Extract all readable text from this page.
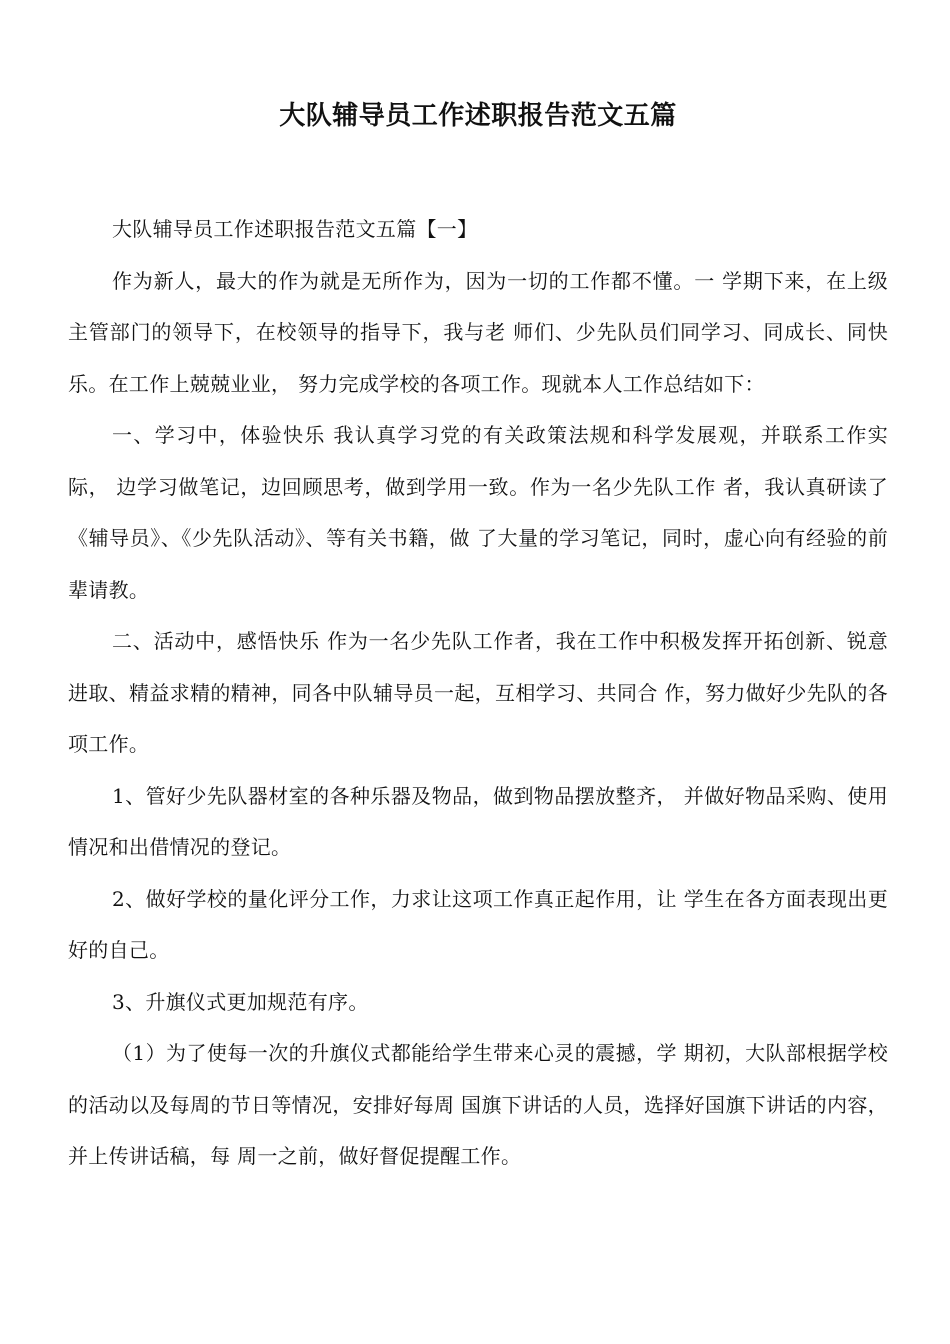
大队辅导员工作述职报告范文五篇

大队辅导员工作述职报告范文五篇【一】

作为新人，最大的作为就是无所作为，因为一切的工作都不懂。一 学期下来，在上级主管部门的领导下，在校领导的指导下，我与老 师们、少先队员们同学习、同成长、同快乐。在工作上兢兢业业， 努力完成学校的各项工作。现就本人工作总结如下：

一、学习中，体验快乐 我认真学习党的有关政策法规和科学发展观，并联系工作实际， 边学习做笔记，边回顾思考，做到学用一致。作为一名少先队工作 者，我认真研读了《辅导员》、《少先队活动》、等有关书籍，做 了大量的学习笔记，同时，虚心向有经验的前辈请教。

二、活动中，感悟快乐 作为一名少先队工作者，我在工作中积极发挥开拓创新、锐意 进取、精益求精的精神，同各中队辅导员一起，互相学习、共同合 作，努力做好少先队的各项工作。

1、管好少先队器材室的各种乐器及物品，做到物品摆放整齐， 并做好物品采购、使用情况和出借情况的登记。

2、做好学校的量化评分工作，力求让这项工作真正起作用，让 学生在各方面表现出更好的自己。

3、升旗仪式更加规范有序。

（1）为了使每一次的升旗仪式都能给学生带来心灵的震撼，学 期初，大队部根据学校的活动以及每周的节日等情况，安排好每周 国旗下讲话的人员，选择好国旗下讲话的内容，并上传讲话稿，每 周一之前，做好督促提醒工作。
